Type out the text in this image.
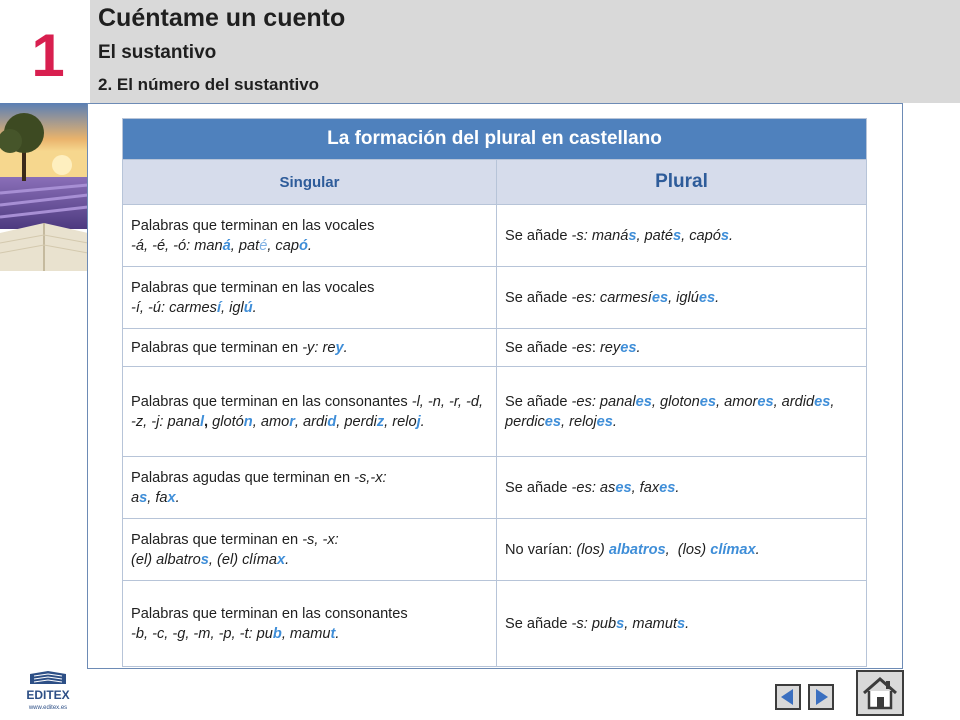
1
Cuéntame un cuento
El sustantivo
2. El número del sustantivo
La formación del plural en castellano	
Singular	Plural
Palabras que terminan en las vocales
-á, -é, -ó: maná, paté, capó.	Se añade -s: manás, patés, capós.
Palabras que terminan en las vocales
-í, -ú: carmesí, iglú.	Se añade -es: carmesíes, iglúes.
Palabras que terminan en -y: rey.	Se añade -es: reyes.
Palabras que terminan en las consonantes -l, -n, -r, -d, -z, -j: panal, glotón, amor, ardid, perdiz, reloj.	Se añade -es: panales, glotones, amores, ardides, perdices, relojes.
Palabras agudas que terminan en -s,-x:
as, fax.	Se añade -es: ases, faxes.
Palabras que terminan en -s, -x:
(el) albatros, (el) clímax.	No varían: (los) albatros,  (los) clímax.
Palabras que terminan en las consonantes
-b, -c, -g, -m, -p, -t: pub, mamut.	Se añade -s: pubs, mamuts.
EDITEX
www.editex.es
